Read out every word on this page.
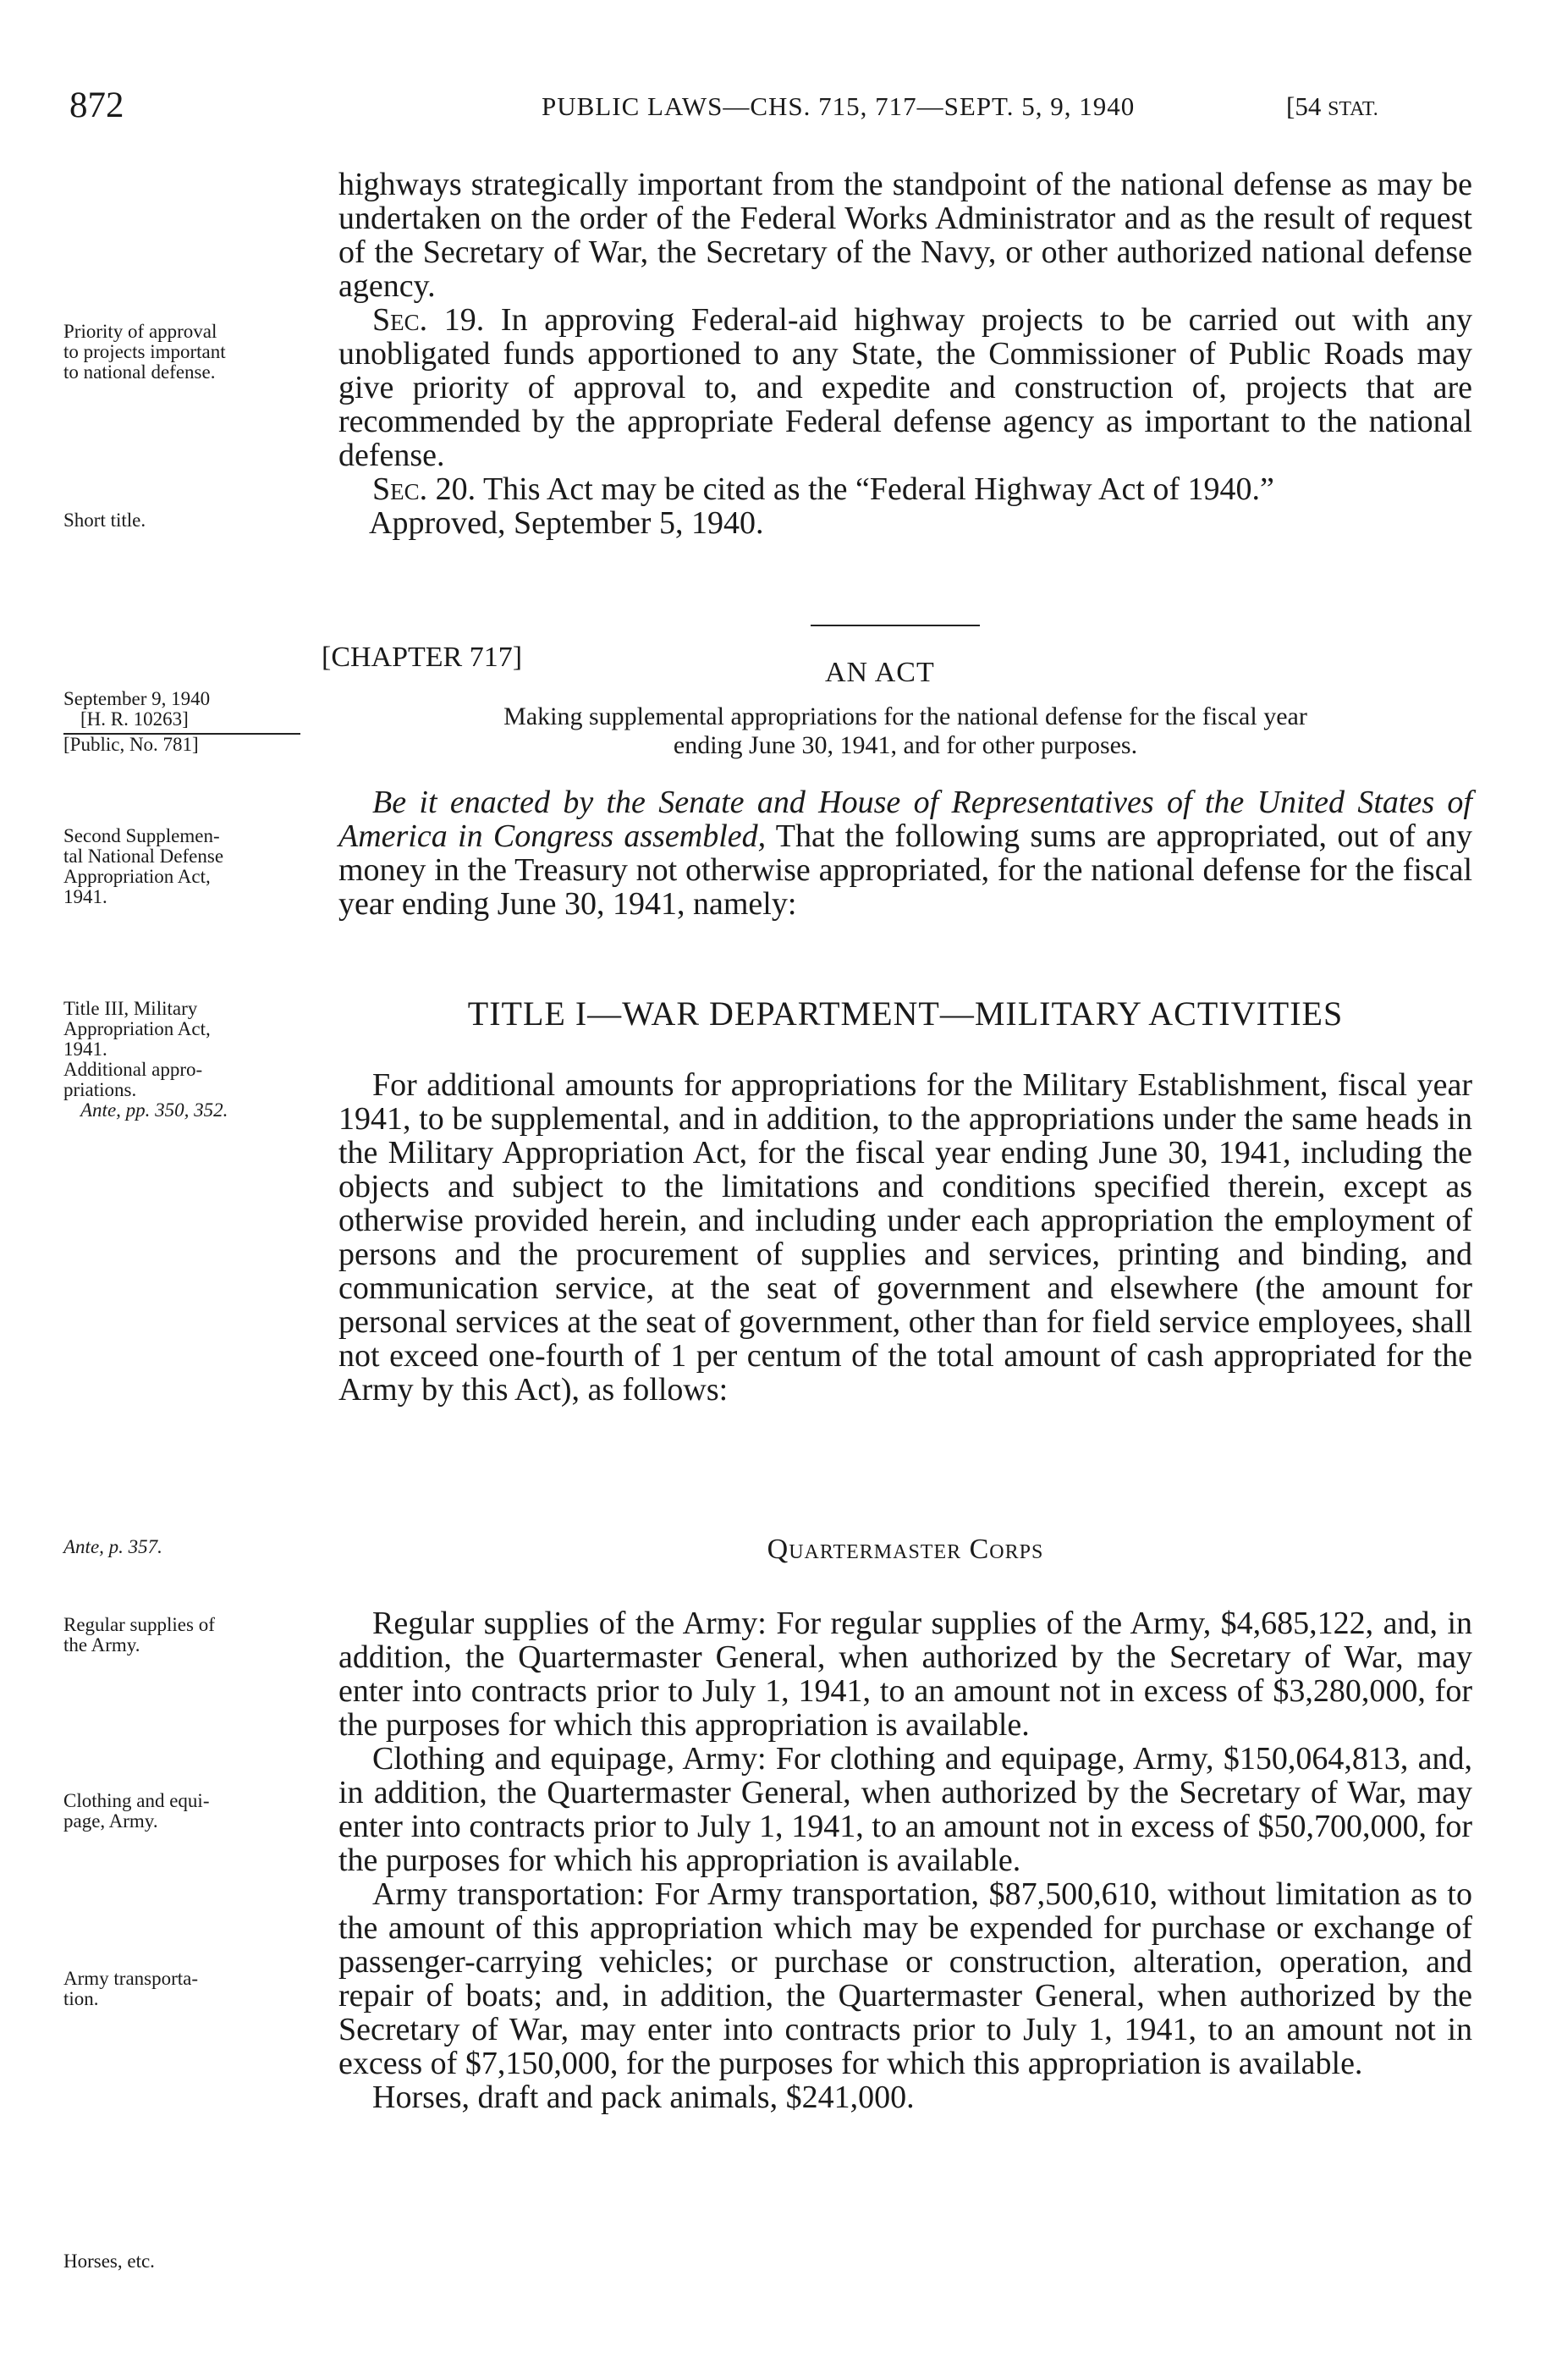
872	PUBLIC LAWS—CHS. 715, 717—SEPT. 5, 9, 1940	[54 STAT.
Priority of approval
to projects important
to national defense.
Short title.
September 9, 1940
[H. R. 10263]
[Public, No. 781]
Second Supplemen-
tal National Defense
Appropriation Act,
1941.
Title III, Military
Appropriation Act,
1941.
Additional appro-
priations.
Ante, pp. 350, 352.
Ante, p. 357.
Regular supplies of
the Army.
Clothing and equi-
page, Army.
Army transporta-
tion.
Horses, etc.
highways strategically important from the standpoint of the national defense as may be undertaken on the order of the Federal Works Administrator and as the result of request of the Secretary of War, the Secretary of the Navy, or other authorized national defense agency.
Sec. 19. In approving Federal-aid highway projects to be carried out with any unobligated funds apportioned to any State, the Commissioner of Public Roads may give priority of approval to, and expedite and construction of, projects that are recommended by the appropriate Federal defense agency as important to the national defense.
Sec. 20. This Act may be cited as the “Federal Highway Act of 1940.”
Approved, September 5, 1940.
[CHAPTER 717]	AN ACT
Making supplemental appropriations for the national defense for the fiscal year
ending June 30, 1941, and for other purposes.
Be it enacted by the Senate and House of Representatives of the United States of America in Congress assembled, That the following sums are appropriated, out of any money in the Treasury not otherwise appropriated, for the national defense for the fiscal year ending June 30, 1941, namely:
TITLE I—WAR DEPARTMENT—MILITARY ACTIVITIES
For additional amounts for appropriations for the Military Establishment, fiscal year 1941, to be supplemental, and in addition, to the appropriations under the same heads in the Military Appropriation Act, for the fiscal year ending June 30, 1941, including the objects and subject to the limitations and conditions specified therein, except as otherwise provided herein, and including under each appropriation the employment of persons and the procurement of supplies and services, printing and binding, and communication service, at the seat of government and elsewhere (the amount for personal services at the seat of government, other than for field service employees, shall not exceed one-fourth of 1 per centum of the total amount of cash appropriated for the Army by this Act), as follows:
Quartermaster Corps
Regular supplies of the Army: For regular supplies of the Army, $4,685,122, and, in addition, the Quartermaster General, when authorized by the Secretary of War, may enter into contracts prior to July 1, 1941, to an amount not in excess of $3,280,000, for the purposes for which this appropriation is available.
Clothing and equipage, Army: For clothing and equipage, Army, $150,064,813, and, in addition, the Quartermaster General, when authorized by the Secretary of War, may enter into contracts prior to July 1, 1941, to an amount not in excess of $50,700,000, for the purposes for which his appropriation is available.
Army transportation: For Army transportation, $87,500,610, without limitation as to the amount of this appropriation which may be expended for purchase or exchange of passenger-carrying vehicles; or purchase or construction, alteration, operation, and repair of boats; and, in addition, the Quartermaster General, when authorized by the Secretary of War, may enter into contracts prior to July 1, 1941, to an amount not in excess of $7,150,000, for the purposes for which this appropriation is available.
Horses, draft and pack animals, $241,000.
